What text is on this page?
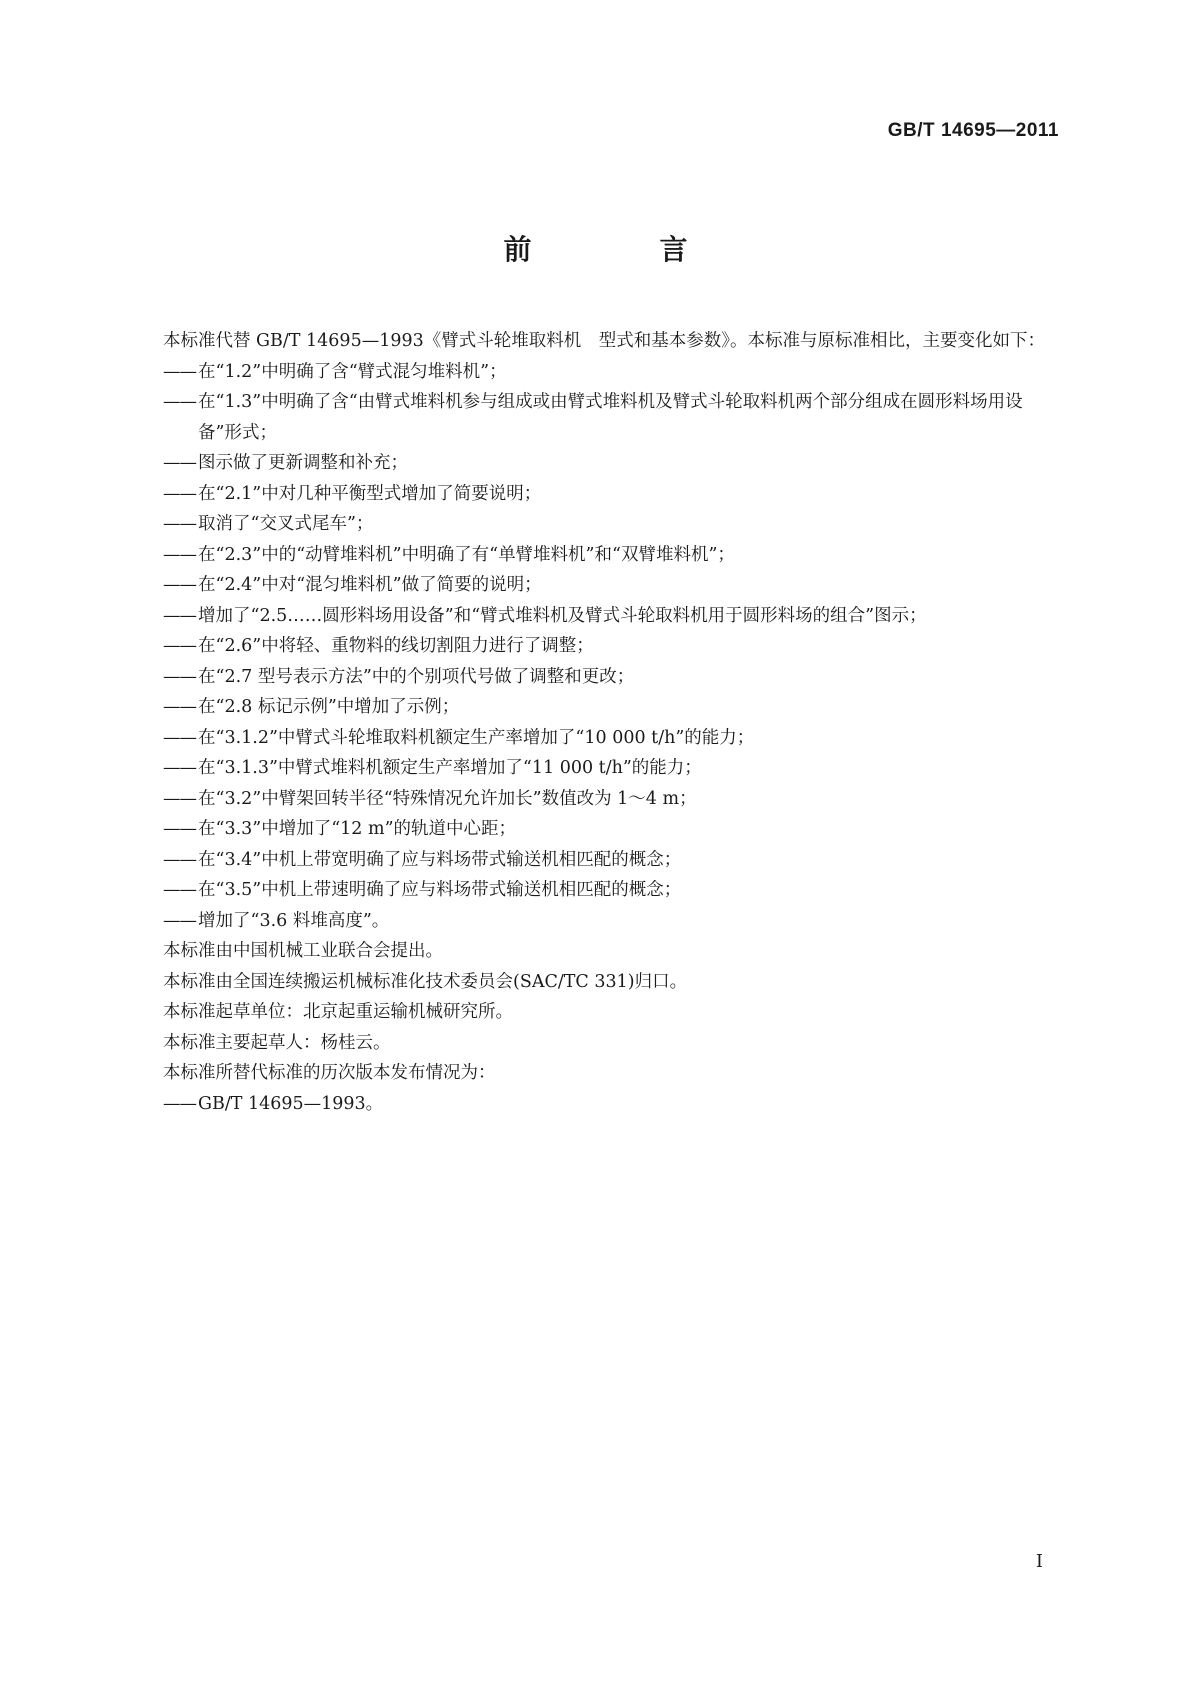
GB/T 14695—2011
前　言

本标准代替 GB/T 14695—1993《臂式斗轮堆取料机　型式和基本参数》。本标准与原标准相比，主要变化如下：

—— 在“1.2”中明确了含“臂式混匀堆料机”；

—— 在“1.3”中明确了含“由臂式堆料机参与组成或由臂式堆料机及臂式斗轮取料机两个部分组成在圆形料场用设备”形式；

—— 图示做了更新调整和补充；

—— 在“2.1”中对几种平衡型式增加了简要说明；

—— 取消了“交叉式尾车”；

—— 在“2.3”中的“动臂堆料机”中明确了有“单臂堆料机”和“双臂堆料机”；

—— 在“2.4”中对“混匀堆料机”做了简要的说明；

—— 增加了“2.5……圆形料场用设备”和“臂式堆料机及臂式斗轮取料机用于圆形料场的组合”图示；

—— 在“2.6”中将轻、重物料的线切割阻力进行了调整；

—— 在“2.7 型号表示方法”中的个别项代号做了调整和更改；

—— 在“2.8 标记示例”中增加了示例；

—— 在“3.1.2”中臂式斗轮堆取料机额定生产率增加了“10 000 t/h”的能力；

—— 在“3.1.3”中臂式堆料机额定生产率增加了“11 000 t/h”的能力；

—— 在“3.2”中臂架回转半径“特殊情况允许加长”数值改为 1～4 m；

—— 在“3.3”中增加了“12 m”的轨道中心距；

—— 在“3.4”中机上带宽明确了应与料场带式输送机相匹配的概念；

—— 在“3.5”中机上带速明确了应与料场带式输送机相匹配的概念；

—— 增加了“3.6 料堆高度”。

本标准由中国机械工业联合会提出。

本标准由全国连续搬运机械标准化技术委员会(SAC/TC 331)归口。

本标准起草单位：北京起重运输机械研究所。

本标准主要起草人：杨桂云。

本标准所替代标准的历次版本发布情况为：

—— GB/T 14695—1993。

I
